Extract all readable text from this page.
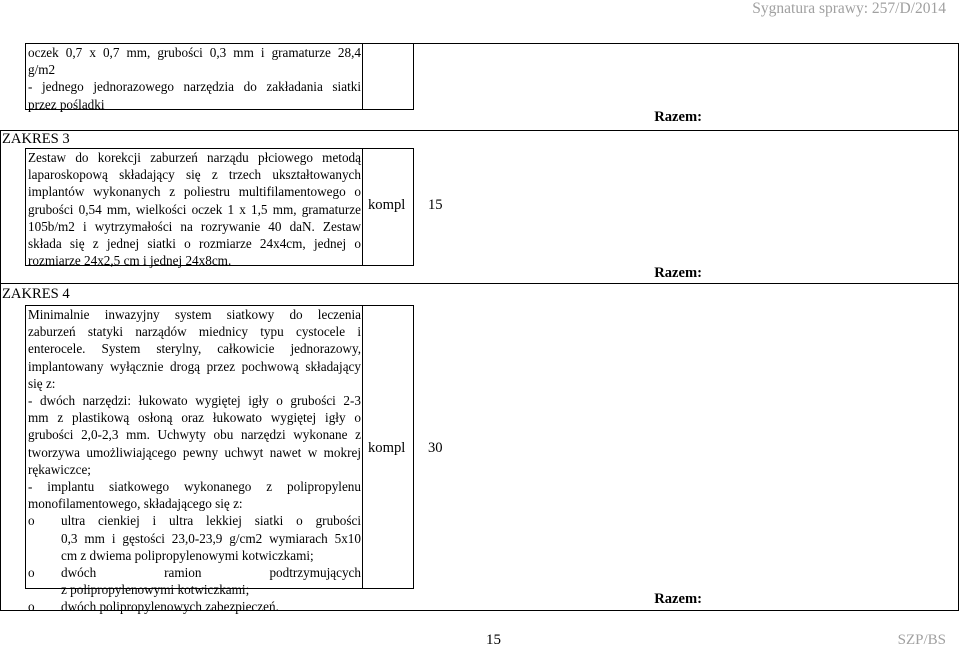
Sygnatura sprawy: 257/D/2014
oczek 0,7 x 0,7 mm, grubości 0,3 mm i gramaturze 28,4
g/m2
- jednego jednorazowego narzędzia do zakładania siatki
przez pośladki
Razem:
ZAKRES 3
Zestaw do korekcji zaburzeń narządu płciowego metodą
laparoskopową składający się z trzech ukształtowanych
implantów wykonanych z poliestru multifilamentowego o
grubości 0,54 mm, wielkości oczek 1 x 1,5 mm, gramaturze
105b/m2 i wytrzymałości na rozrywanie 40 daN. Zestaw
składa się z jednej siatki o rozmiarze 24x4cm, jednej o
rozmiarze 24x2,5 cm i jednej 24x8cm.
kompl 15
Razem:
ZAKRES 4
Minimalnie inwazyjny system siatkowy do leczenia
zaburzeń statyki narządów miednicy typu cystocele i
enterocele. System sterylny, całkowicie jednorazowy,
implantowany wyłącznie drogą przez pochwową składający
się z:
- dwóch narzędzi: łukowato wygiętej igły o grubości 2-3
mm z plastikową osłoną oraz łukowato wygiętej igły o
grubości 2,0-2,3 mm. Uchwyty obu narzędzi wykonane z
tworzywa umożliwiającego pewny uchwyt nawet w mokrej
rękawiczce;
- implantu siatkowego wykonanego z polipropylenu
monofilamentowego, składającego się z:
o	ultra cienkiej i ultra lekkiej siatki o grubości
0,3 mm i gęstości 23,0-23,9 g/cm2 wymiarach 5x10
cm z dwiema polipropylenowymi kotwiczkami;
o	dwóch ramion podtrzymujących
z polipropylenowymi kotwiczkami;
o	dwóch polipropylenowych zabezpieczeń.
kompl 30
Razem:
15	SZP/BS
